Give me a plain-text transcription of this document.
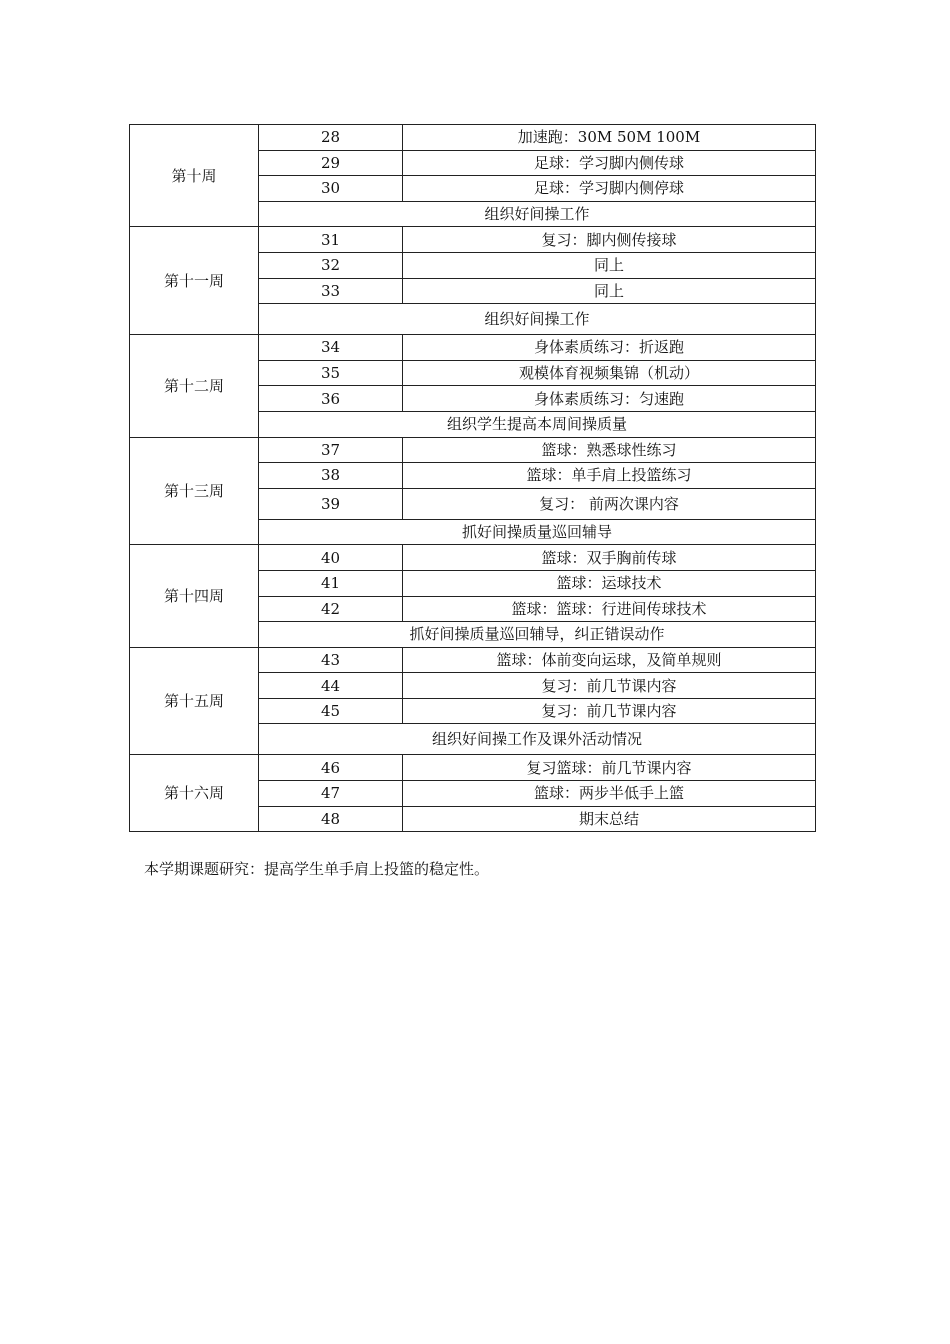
第十周	28	加速跑：30M 50M 100M
	29	足球：学习脚内侧传球
	30	足球：学习脚内侧停球
	组织好间操工作	
第十一周	31	复习：脚内侧传接球
	32	同上
	33	同上
	组织好间操工作	
第十二周	34	身体素质练习：折返跑
	35	观模体育视频集锦（机动）
	36	身体素质练习：匀速跑
	组织学生提高本周间操质量	
第十三周	37	篮球：熟悉球性练习
	38	篮球：单手肩上投篮练习
	39	复习： 前两次课内容
	抓好间操质量巡回辅导	
第十四周	40	篮球：双手胸前传球
	41	篮球：运球技术
	42	篮球：篮球：行进间传球技术
	抓好间操质量巡回辅导，纠正错误动作	
第十五周	43	篮球：体前变向运球，及简单规则
	44	复习：前几节课内容
	45	复习：前几节课内容
	组织好间操工作及课外活动情况	
第十六周	46	复习篮球：前几节课内容
	47	篮球：两步半低手上篮
	48	期末总结
本学期课题研究：提高学生单手肩上投篮的稳定性。
